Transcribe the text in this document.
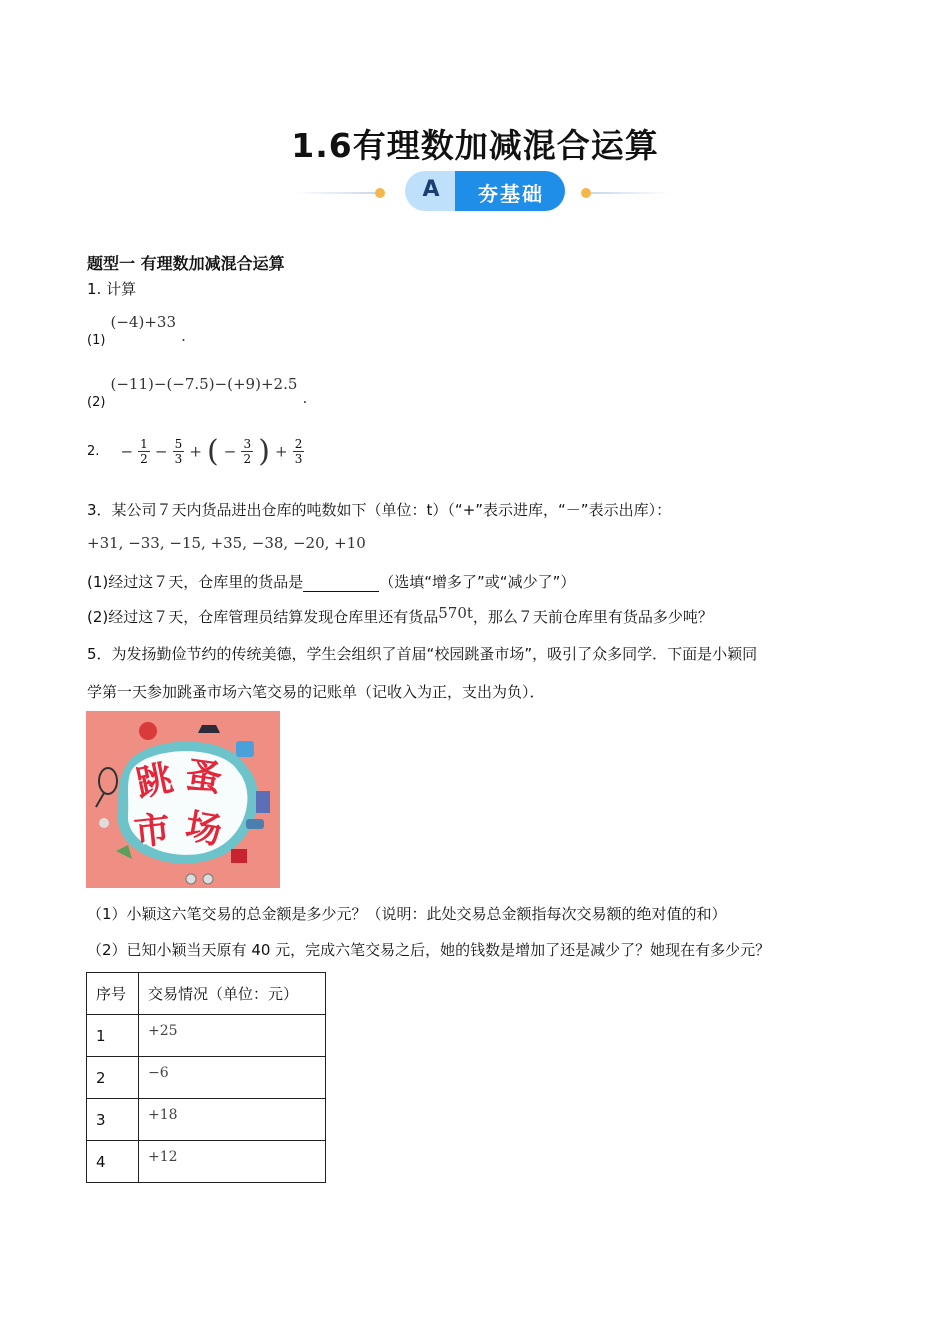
1.6有理数加减混合运算
A	夯基础
题型一 有理数加减混合运算
1. 计算
$_{(1)}$ (−4)+33 .
$_{(2)}$ (−11)−(−7.5)−(+9)+2.5 .
2. − $\frac{1}{2} - \frac{5}{3}$ + ( − $\frac{3}{2}$ ) + $\frac{2}{3}$
3．某公司７天内货品进出仓库的吨数如下（单位：t）（“+”表示进库，“－”表示出库）：
+31, −33, −15, +35, −38, −20, +10
(1)经过这７天，仓库里的货品是	（选填“增多了”或“减少了”）
(2)经过这７天，仓库管理员结算发现仓库里还有货品570t，那么７天前仓库里有货品多少吨？
5．为发扬勤俭节约的传统美德，学生会组织了首届“校园跳蚤市场”，吸引了众多同学．下面是小颖同
学第一天参加跳蚤市场六笔交易的记账单（记收入为正，支出为负）．
跳 蚤
市 场
（1）小颖这六笔交易的总金额是多少元？（说明：此处交易总金额指每次交易额的绝对值的和）
（2）已知小颖当天原有 40 元，完成六笔交易之后，她的钱数是增加了还是减少了？她现在有多少元？
序号	交易情况（单位：元）
1	+25
2	−6
3	+18
4	+12
